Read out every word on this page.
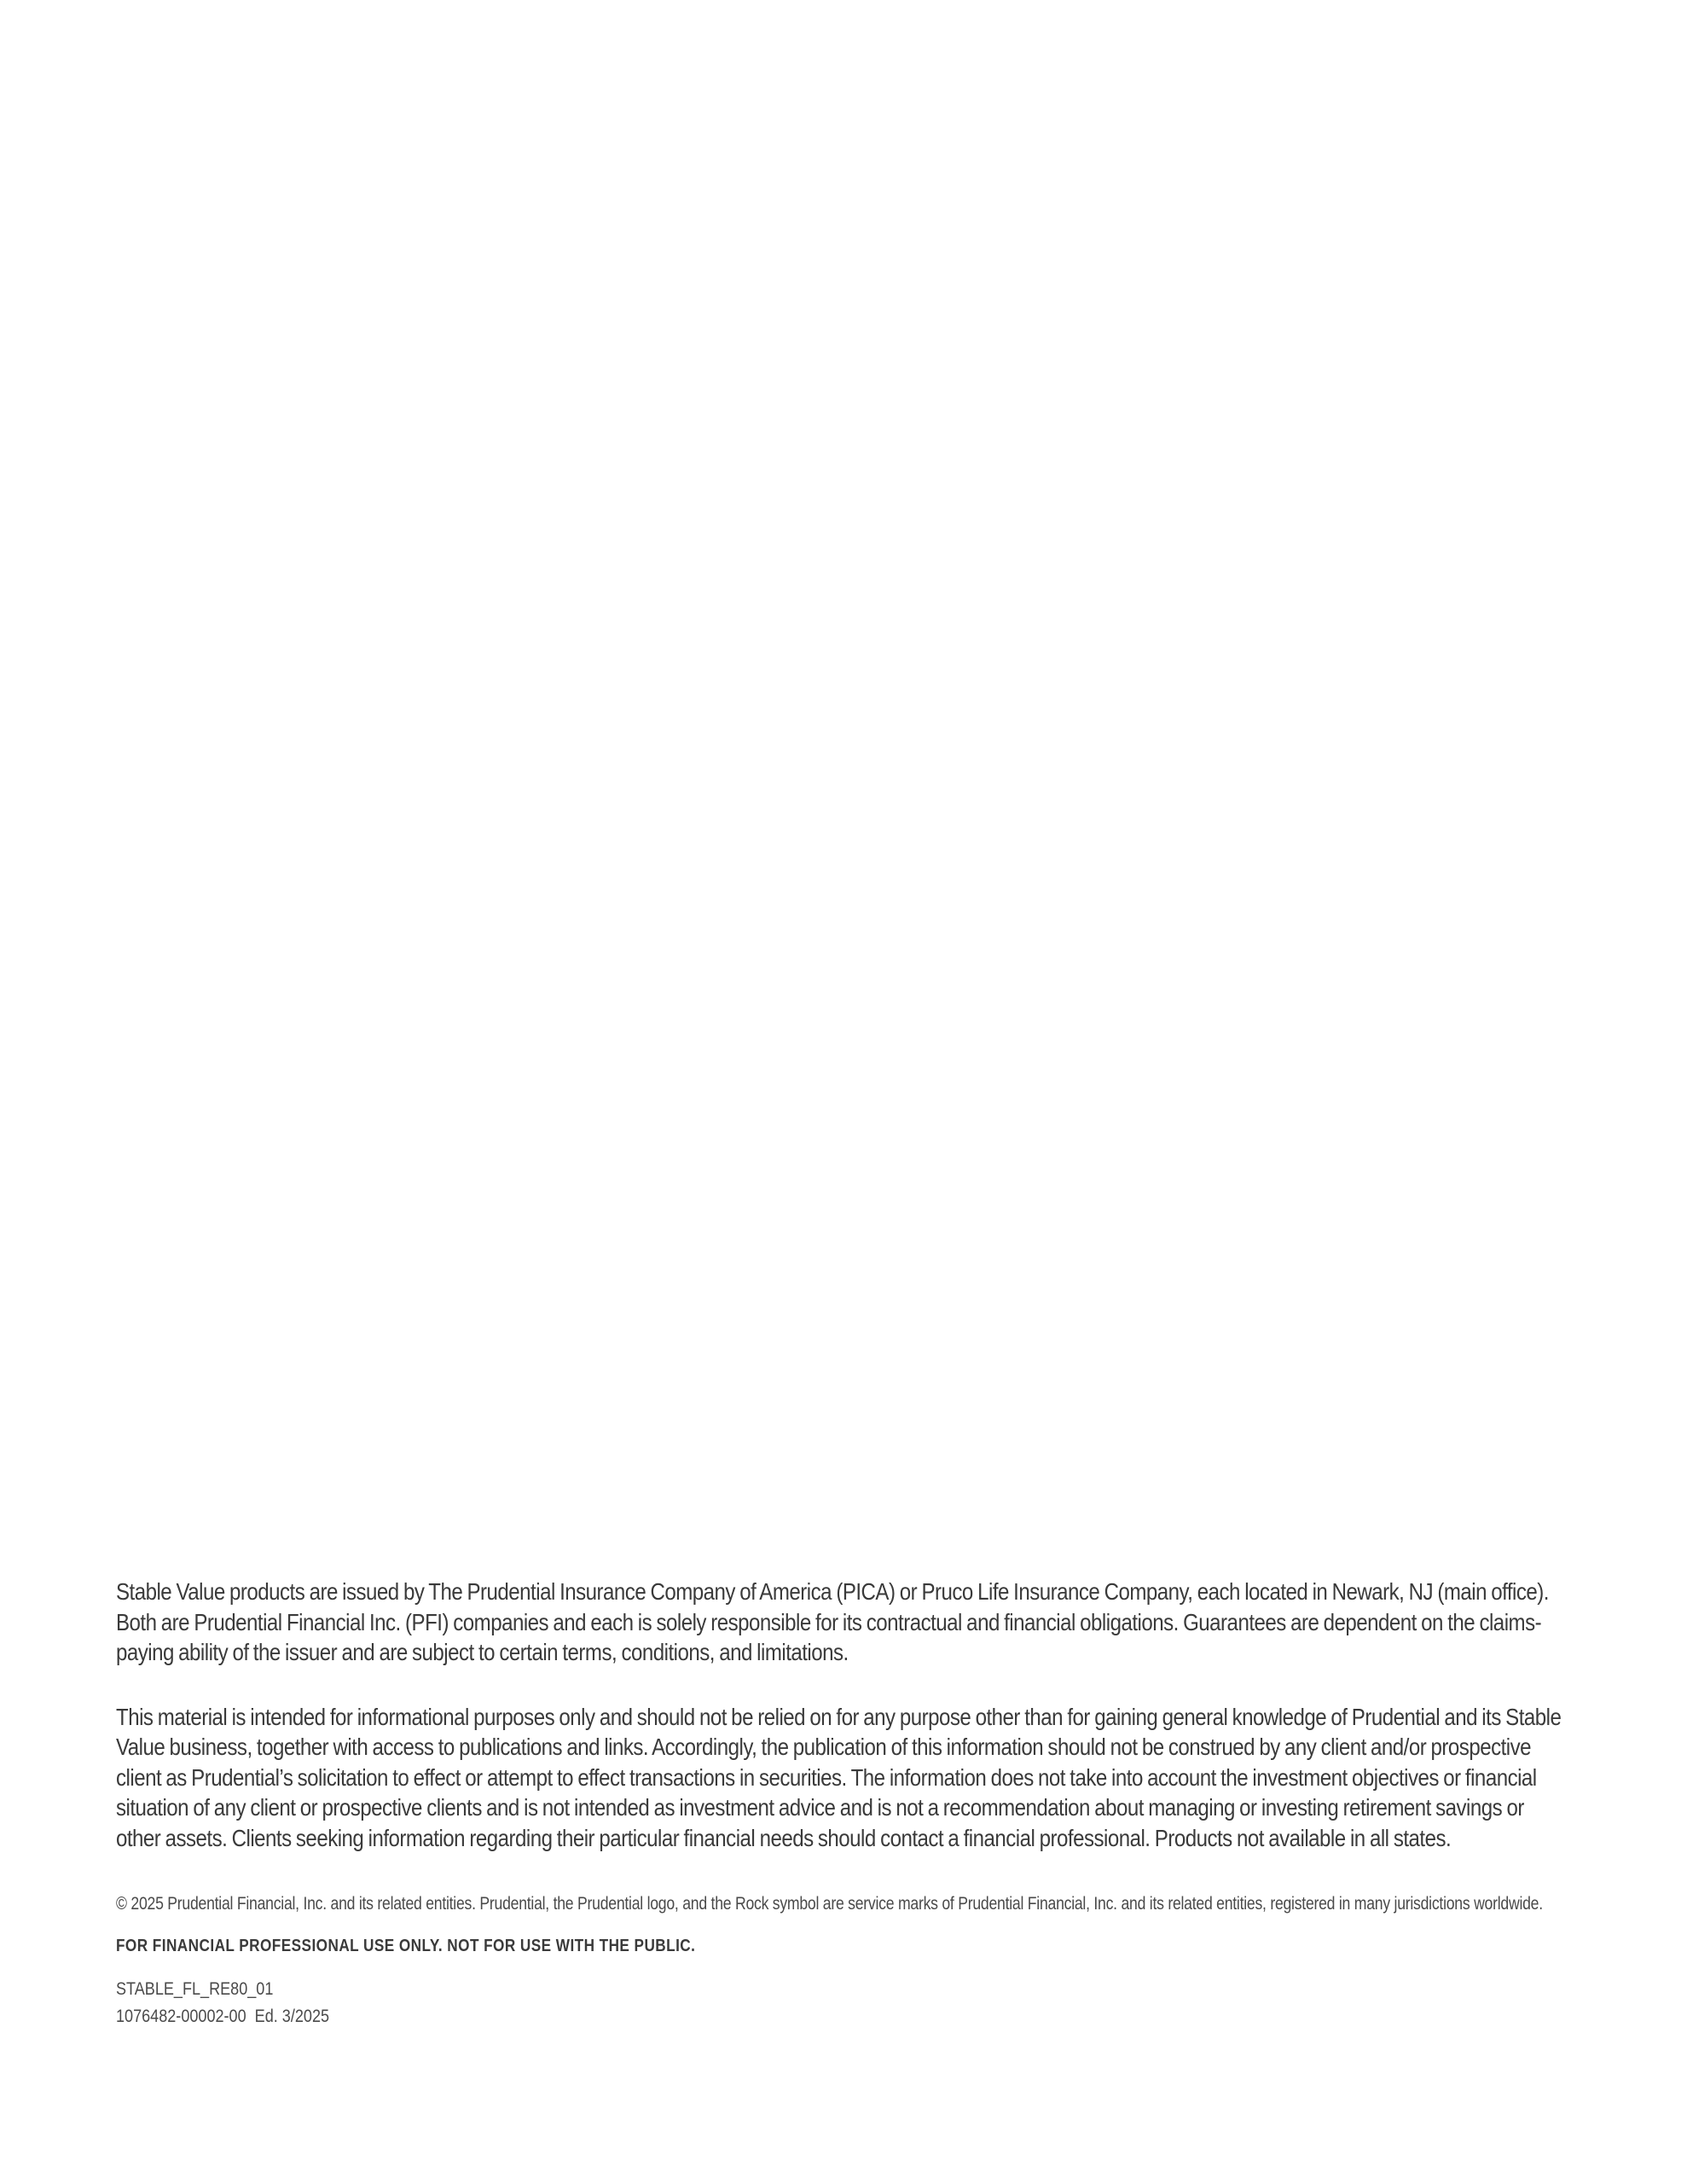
Stable Value products are issued by The Prudential Insurance Company of America (PICA) or Pruco Life Insurance Company, each located in Newark, NJ (main office). Both are Prudential Financial Inc. (PFI) companies and each is solely responsible for its contractual and financial obligations. Guarantees are dependent on the claims-paying ability of the issuer and are subject to certain terms, conditions, and limitations.

This material is intended for informational purposes only and should not be relied on for any purpose other than for gaining general knowledge of Prudential and its Stable Value business, together with access to publications and links. Accordingly, the publication of this information should not be construed by any client and/or prospective client as Prudential’s solicitation to effect or attempt to effect transactions in securities. The information does not take into account the investment objectives or financial situation of any client or prospective clients and is not intended as investment advice and is not a recommendation about managing or investing retirement savings or other assets. Clients seeking information regarding their particular financial needs should contact a financial professional. Products not available in all states.

© 2025 Prudential Financial, Inc. and its related entities. Prudential, the Prudential logo, and the Rock symbol are service marks of Prudential Financial, Inc. and its related entities, registered in many jurisdictions worldwide.

FOR FINANCIAL PROFESSIONAL USE ONLY. NOT FOR USE WITH THE PUBLIC.

STABLE_FL_RE80_01
1076482-00002-00  Ed. 3/2025
